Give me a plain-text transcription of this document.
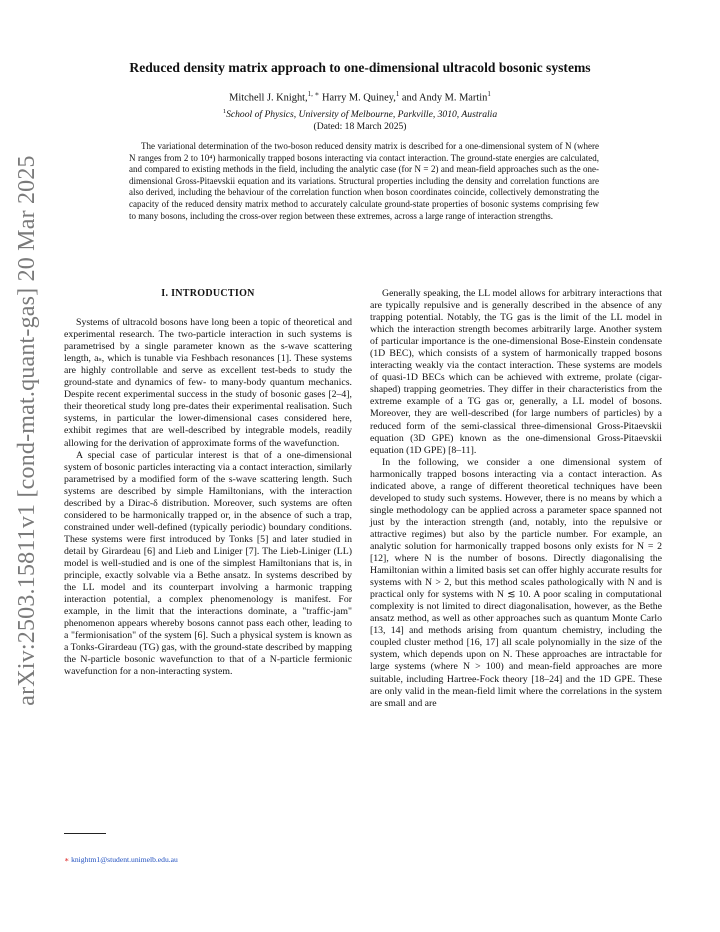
arXiv:2503.15811v1 [cond-mat.quant-gas] 20 Mar 2025
Reduced density matrix approach to one-dimensional ultracold bosonic systems
Mitchell J. Knight,$^{1, ∗}$ Harry M. Quiney,$^1$ and Andy M. Martin$^1$
$^1$School of Physics, University of Melbourne, Parkville, 3010, Australia
(Dated: 18 March 2025)
The variational determination of the two-boson reduced density matrix is described for a one-dimensional system of N (where N ranges from 2 to 10⁴) harmonically trapped bosons interacting via contact interaction. The ground-state energies are calculated, and compared to existing methods in the field, including the analytic case (for N = 2) and mean-field approaches such as the one-dimensional Gross-Pitaevskii equation and its variations. Structural properties including the density and correlation functions are also derived, including the behaviour of the correlation function when boson coordinates coincide, collectively demonstrating the capacity of the reduced density matrix method to accurately calculate ground-state properties of bosonic systems comprising few to many bosons, including the cross-over region between these extremes, across a large range of interaction strengths.

I. INTRODUCTION

Systems of ultracold bosons have long been a topic of theoretical and experimental research. The two-particle interaction in such systems is parametrised by a single parameter known as the s-wave scattering length, aₛ, which is tunable via Feshbach resonances [1]. These systems are highly controllable and serve as excellent test-beds to study the ground-state and dynamics of few- to many-body quantum mechanics. Despite recent experimental success in the study of bosonic gases [2–4], their theoretical study long pre-dates their experimental realisation. Such systems, in particular the lower-dimensional cases considered here, exhibit regimes that are well-described by integrable models, readily allowing for the derivation of approximate forms of the wavefunction.

A special case of particular interest is that of a one-dimensional system of bosonic particles interacting via a contact interaction, similarly parametrised by a modified form of the s-wave scattering length. Such systems are described by simple Hamiltonians, with the interaction described by a Dirac-δ distribution. Moreover, such systems are often considered to be harmonically trapped or, in the absence of such a trap, constrained under well-defined (typically periodic) boundary conditions. These systems were first introduced by Tonks [5] and later studied in detail by Girardeau [6] and Lieb and Liniger [7]. The Lieb-Liniger (LL) model is well-studied and is one of the simplest Hamiltonians that is, in principle, exactly solvable via a Bethe ansatz. In systems described by the LL model and its counterpart involving a harmonic trapping interaction potential, a complex phenomenology is manifest. For example, in the limit that the interactions dominate, a "traffic-jam" phenomenon appears whereby bosons cannot pass each other, leading to a "fermionisation" of the system [6]. Such a physical system is known as a Tonks-Girardeau (TG) gas, with the ground-state described by mapping the N-particle bosonic wavefunction to that of a N-particle fermionic wavefunction for a non-interacting system.

Generally speaking, the LL model allows for arbitrary interactions that are typically repulsive and is generally described in the absence of any trapping potential. Notably, the TG gas is the limit of the LL model in which the interaction strength becomes arbitrarily large. Another system of particular importance is the one-dimensional Bose-Einstein condensate (1D BEC), which consists of a system of harmonically trapped bosons interacting weakly via the contact interaction. These systems are models of quasi-1D BECs which can be achieved with extreme, prolate (cigar-shaped) trapping geometries. They differ in their characteristics from the extreme example of a TG gas or, generally, a LL model of bosons. Moreover, they are well-described (for large numbers of particles) by a reduced form of the semi-classical three-dimensional Gross-Pitaevskii equation (3D GPE) known as the one-dimensional Gross-Pitaevskii equation (1D GPE) [8–11].

In the following, we consider a one dimensional system of harmonically trapped bosons interacting via a contact interaction. As indicated above, a range of different theoretical techniques have been developed to study such systems. However, there is no means by which a single methodology can be applied across a parameter space spanned not just by the interaction strength (and, notably, into the repulsive or attractive regimes) but also by the particle number. For example, an analytic solution for harmonically trapped bosons only exists for N = 2 [12], where N is the number of bosons. Directly diagonalising the Hamiltonian within a limited basis set can offer highly accurate results for systems with N > 2, but this method scales pathologically with N and is practical only for systems with N ≲ 10. A poor scaling in computational complexity is not limited to direct diagonalisation, however, as the Bethe ansatz method, as well as other approaches such as quantum Monte Carlo [13, 14] and methods arising from quantum chemistry, including the coupled cluster method [16, 17] all scale polynomially in the size of the system, which depends upon on N. These approaches are intractable for large systems (where N > 100) and mean-field approaches are more suitable, including Hartree-Fock theory [18–24] and the 1D GPE. These are only valid in the mean-field limit where the correlations in the system are small and are

∗ knightm1@student.unimelb.edu.au
